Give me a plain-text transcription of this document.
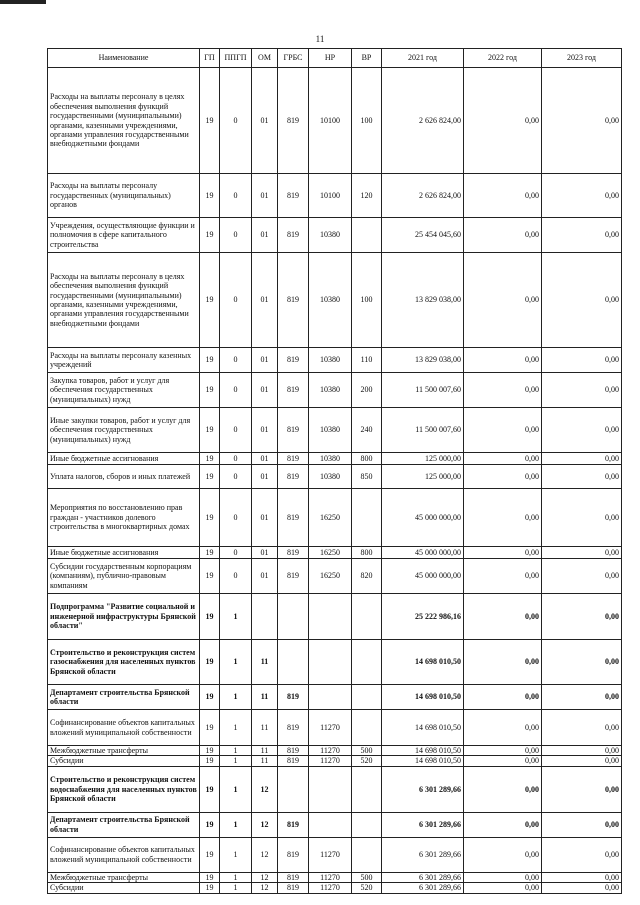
11
Наименование	ГП	ППГП	ОМ	ГРБС	НР	ВР	2021 год	2022 год	2023 год
Расходы на выплаты персоналу в целях обеспечения выполнения функций государственными (муниципальными) органами, казенными учреждениями, органами управления государственными внебюджетными фондами	19	0	01	819	10100	100	2 626 824,00	0,00	0,00
Расходы на выплаты персоналу государственных (муниципальных) органов	19	0	01	819	10100	120	2 626 824,00	0,00	0,00
Учреждения, осуществляющие функции и полномочия в сфере капитального строительства	19	0	01	819	10380		25 454 045,60	0,00	0,00
Расходы на выплаты персоналу в целях обеспечения выполнения функций государственными (муниципальными) органами, казенными учреждениями, органами управления государственными внебюджетными фондами	19	0	01	819	10380	100	13 829 038,00	0,00	0,00
Расходы на выплаты персоналу казенных учреждений	19	0	01	819	10380	110	13 829 038,00	0,00	0,00
Закупка товаров, работ и услуг для обеспечения государственных (муниципальных) нужд	19	0	01	819	10380	200	11 500 007,60	0,00	0,00
Иные закупки товаров, работ и услуг для обеспечения государственных (муниципальных) нужд	19	0	01	819	10380	240	11 500 007,60	0,00	0,00
Иные бюджетные ассигнования	19	0	01	819	10380	800	125 000,00	0,00	0,00
Уплата налогов, сборов и иных платежей	19	0	01	819	10380	850	125 000,00	0,00	0,00
Мероприятия по восстановлению прав граждан - участников долевого строительства в многоквартирных домах	19	0	01	819	16250		45 000 000,00	0,00	0,00
Иные бюджетные ассигнования	19	0	01	819	16250	800	45 000 000,00	0,00	0,00
Субсидии государственным корпорациям (компаниям), публично-правовым компаниям	19	0	01	819	16250	820	45 000 000,00	0,00	0,00
Подпрограмма "Развитие социальной и инженерной инфраструктуры Брянской области"	19	1					25 222 986,16	0,00	0,00
Строительство и реконструкция систем газоснабжения для населенных пунктов Брянской области	19	1	11				14 698 010,50	0,00	0,00
Департамент строительства Брянской области	19	1	11	819			14 698 010,50	0,00	0,00
Софинансирование объектов капитальных вложений муниципальной собственности	19	1	11	819	11270		14 698 010,50	0,00	0,00
Межбюджетные трансферты	19	1	11	819	11270	500	14 698 010,50	0,00	0,00
Субсидии	19	1	11	819	11270	520	14 698 010,50	0,00	0,00
Строительство и реконструкция систем водоснабжения для населенных пунктов Брянской области	19	1	12				6 301 289,66	0,00	0,00
Департамент строительства Брянской области	19	1	12	819			6 301 289,66	0,00	0,00
Софинансирование объектов капитальных вложений муниципальной собственности	19	1	12	819	11270		6 301 289,66	0,00	0,00
Межбюджетные трансферты	19	1	12	819	11270	500	6 301 289,66	0,00	0,00
Субсидии	19	1	12	819	11270	520	6 301 289,66	0,00	0,00
